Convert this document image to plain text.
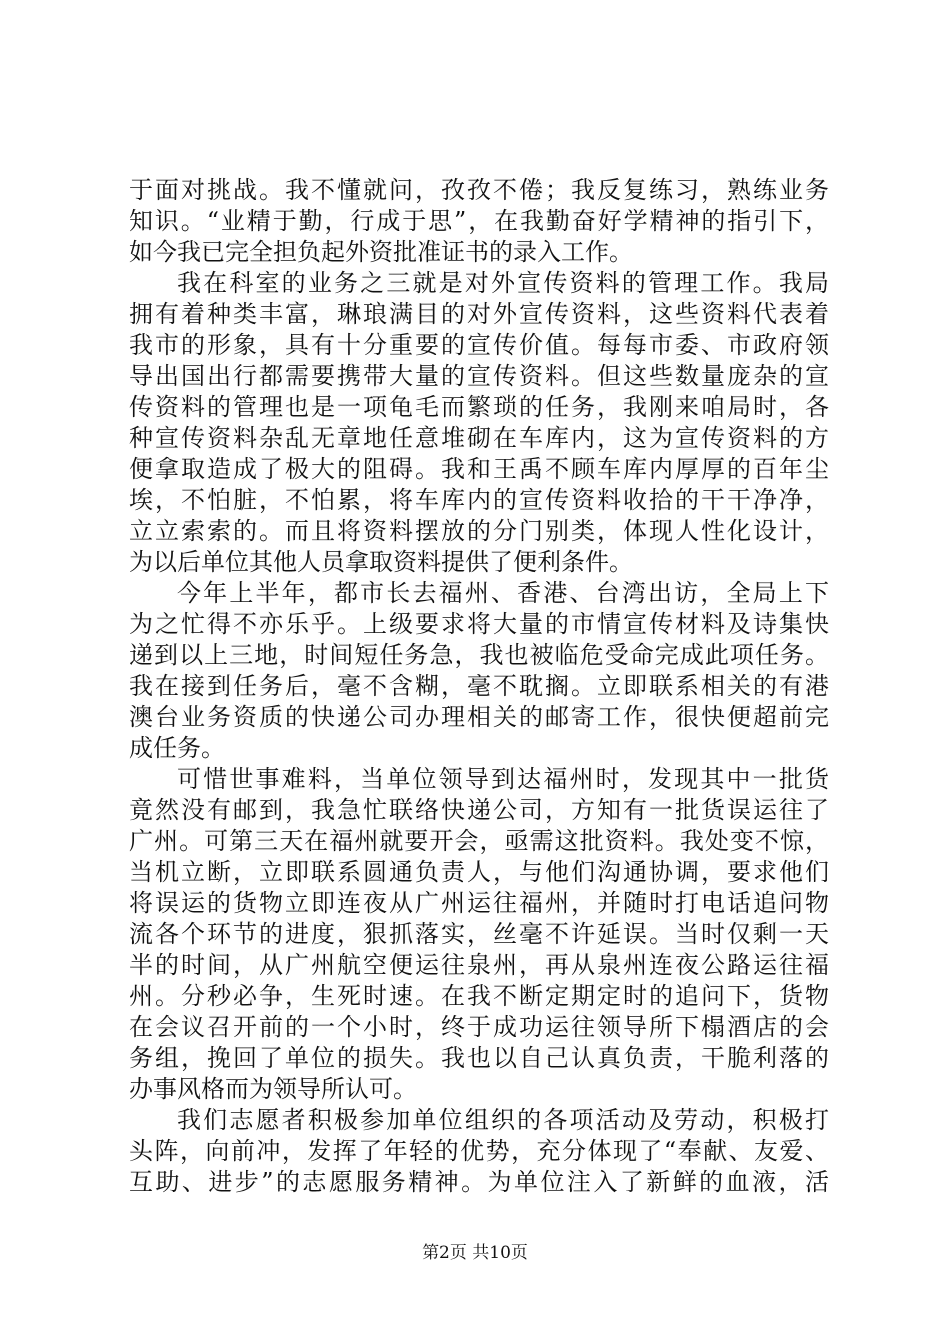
于面对挑战。我不懂就问，孜孜不倦；我反复练习，熟练业务
知识。“业精于勤，行成于思”，在我勤奋好学精神的指引下，
如今我已完全担负起外资批准证书的录入工作。
我在科室的业务之三就是对外宣传资料的管理工作。我局
拥有着种类丰富，琳琅满目的对外宣传资料，这些资料代表着
我市的形象，具有十分重要的宣传价值。每每市委、市政府领
导出国出行都需要携带大量的宣传资料。但这些数量庞杂的宣
传资料的管理也是一项龟毛而繁琐的任务，我刚来咱局时，各
种宣传资料杂乱无章地任意堆砌在车库内，这为宣传资料的方
便拿取造成了极大的阻碍。我和王禹不顾车库内厚厚的百年尘
埃，不怕脏，不怕累，将车库内的宣传资料收拾的干干净净，
立立索索的。而且将资料摆放的分门别类，体现人性化设计，
为以后单位其他人员拿取资料提供了便利条件。
今年上半年，都市长去福州、香港、台湾出访，全局上下
为之忙得不亦乐乎。上级要求将大量的市情宣传材料及诗集快
递到以上三地，时间短任务急，我也被临危受命完成此项任务。
我在接到任务后，毫不含糊，毫不耽搁。立即联系相关的有港
澳台业务资质的快递公司办理相关的邮寄工作，很快便超前完
成任务。
可惜世事难料，当单位领导到达福州时，发现其中一批货
竟然没有邮到，我急忙联络快递公司，方知有一批货误运往了
广州。可第三天在福州就要开会，亟需这批资料。我处变不惊，
当机立断，立即联系圆通负责人，与他们沟通协调，要求他们
将误运的货物立即连夜从广州运往福州，并随时打电话追问物
流各个环节的进度，狠抓落实，丝毫不许延误。当时仅剩一天
半的时间，从广州航空便运往泉州，再从泉州连夜公路运往福
州。分秒必争，生死时速。在我不断定期定时的追问下，货物
在会议召开前的一个小时，终于成功运往领导所下榻酒店的会
务组，挽回了单位的损失。我也以自己认真负责，干脆利落的
办事风格而为领导所认可。
我们志愿者积极参加单位组织的各项活动及劳动，积极打
头阵，向前冲，发挥了年轻的优势，充分体现了“奉献、友爱、
互助、进步”的志愿服务精神。为单位注入了新鲜的血液，活
第2页 共10页
